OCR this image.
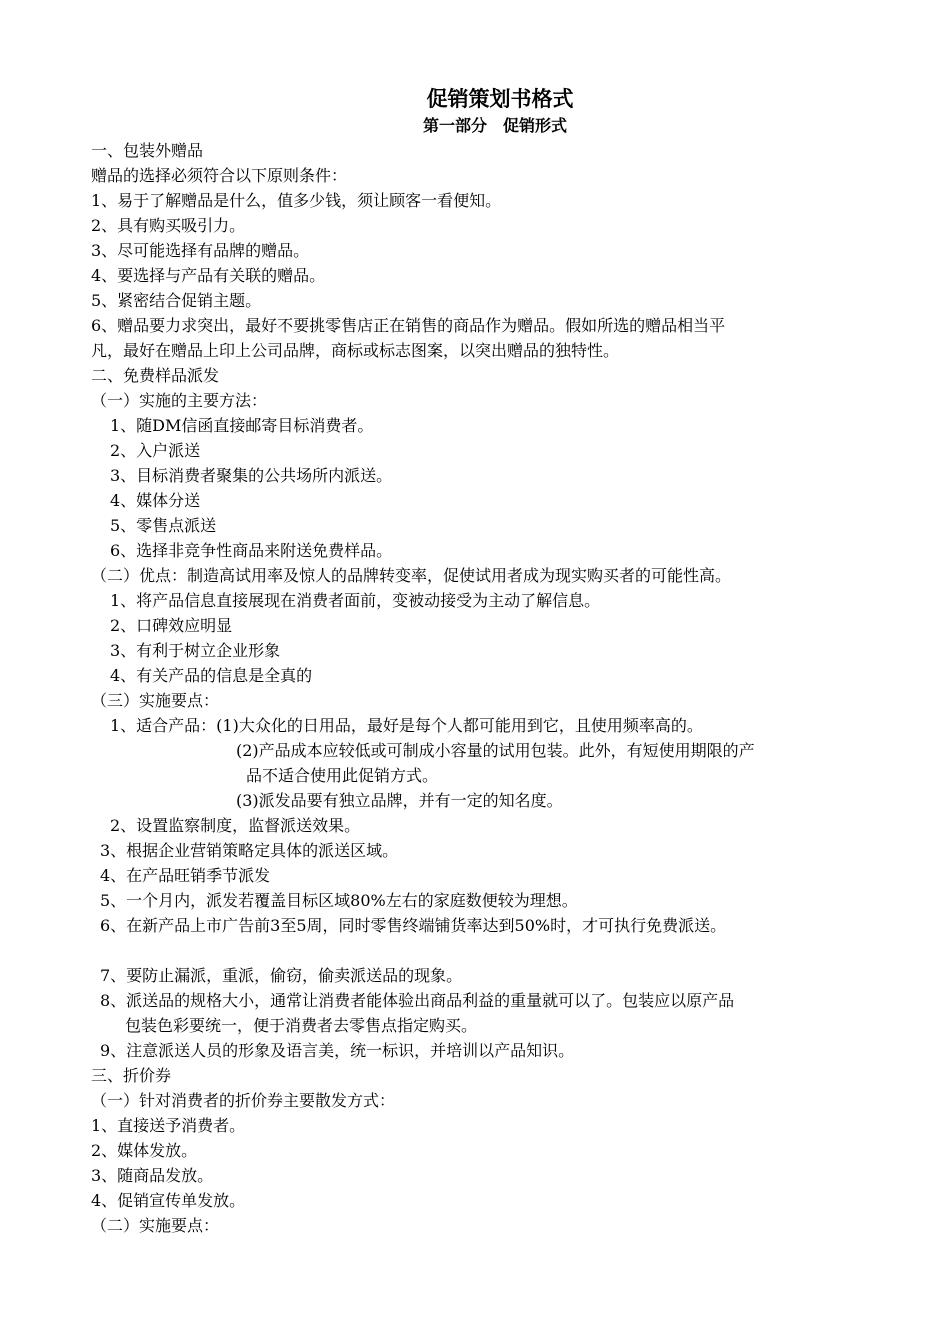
促销策划书格式
第一部分　促销形式
一、包装外赠品
赠品的选择必须符合以下原则条件：
1、易于了解赠品是什么，值多少钱，须让顾客一看便知。
2、具有购买吸引力。
3、尽可能选择有品牌的赠品。
4、要选择与产品有关联的赠品。
5、紧密结合促销主题。
6、赠品要力求突出，最好不要挑零售店正在销售的商品作为赠品。假如所选的赠品相当平
凡，最好在赠品上印上公司品牌，商标或标志图案，以突出赠品的独特性。
二、免费样品派发
（一）实施的主要方法：
1、随DM信函直接邮寄目标消费者。
2、入户派送
3、目标消费者聚集的公共场所内派送。
4、媒体分送
5、零售点派送
6、选择非竞争性商品来附送免费样品。
（二）优点：制造高试用率及惊人的品牌转变率，促使试用者成为现实购买者的可能性高。
1、将产品信息直接展现在消费者面前，变被动接受为主动了解信息。
2、口碑效应明显
3、有利于树立企业形象
4、有关产品的信息是全真的
（三）实施要点：
1、适合产品：(1)大众化的日用品，最好是每个人都可能用到它，且使用频率高的。
(2)产品成本应较低或可制成小容量的试用包装。此外，有短使用期限的产
品不适合使用此促销方式。
(3)派发品要有独立品牌，并有一定的知名度。
2、设置监察制度，监督派送效果。
3、根据企业营销策略定具体的派送区域。
4、在产品旺销季节派发
5、一个月内，派发若覆盖目标区域80%左右的家庭数便较为理想。
6、在新产品上市广告前3至5周，同时零售终端铺货率达到50%时，才可执行免费派送。
7、要防止漏派，重派，偷窃，偷卖派送品的现象。
8、派送品的规格大小，通常让消费者能体验出商品利益的重量就可以了。包装应以原产品
包装色彩要统一，便于消费者去零售点指定购买。
9、注意派送人员的形象及语言美，统一标识，并培训以产品知识。
三、折价券
（一）针对消费者的折价券主要散发方式：
1、直接送予消费者。
2、媒体发放。
3、随商品发放。
4、促销宣传单发放。
（二）实施要点：
